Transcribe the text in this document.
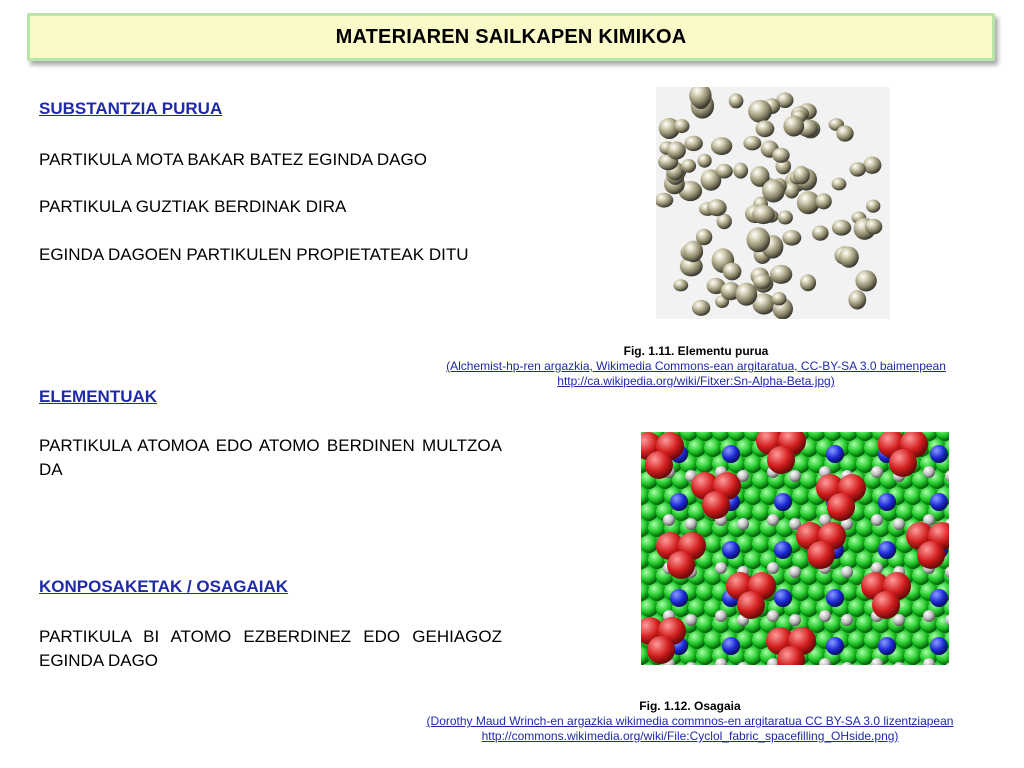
MATERIAREN SAILKAPEN KIMIKOA

SUBSTANTZIA PURUA

PARTIKULA MOTA BAKAR BATEZ EGINDA DAGO

PARTIKULA GUZTIAK BERDINAK DIRA

EGINDA DAGOEN PARTIKULEN PROPIETATEAK DITU

ELEMENTUAK

PARTIKULA ATOMOA EDO ATOMO BERDINEN MULTZOA DA

KONPOSAKETAK / OSAGAIAK

PARTIKULA BI ATOMO EZBERDINEZ EDO GEHIAGOZ EGINDA DAGO

Fig. 1.11. Elementu purua
(Alchemist-hp-ren argazkia, Wikimedia Commons-ean argitaratua, CC-BY-SA 3.0 baimenpean
http://ca.wikipedia.org/wiki/Fitxer:Sn-Alpha-Beta.jpg)
Fig. 1.12. Osagaia
(Dorothy Maud Wrinch-en argazkia wikimedia commnos-en argitaratua CC BY-SA 3.0 lizentziapean
http://commons.wikimedia.org/wiki/File:Cyclol_fabric_spacefilling_OHside.png)
